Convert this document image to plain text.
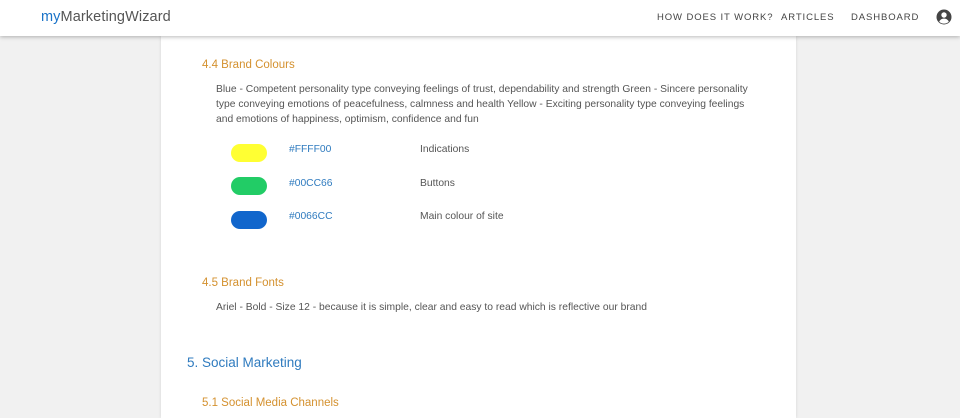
myMarketingWizard	HOW DOES IT WORK? ARTICLES DASHBOARD
4.4 Brand Colours
Blue - Competent personality type conveying feelings of trust, dependability and strength Green - Sincere personality type conveying emotions of peacefulness, calmness and health Yellow - Exciting personality type conveying feelings and emotions of happiness, optimism, confidence and fun
#FFFF00	Indications
#00CC66	Buttons
#0066CC	Main colour of site
4.5 Brand Fonts
Ariel - Bold - Size 12 - because it is simple, clear and easy to read which is reflective our brand
5. Social Marketing
5.1 Social Media Channels
